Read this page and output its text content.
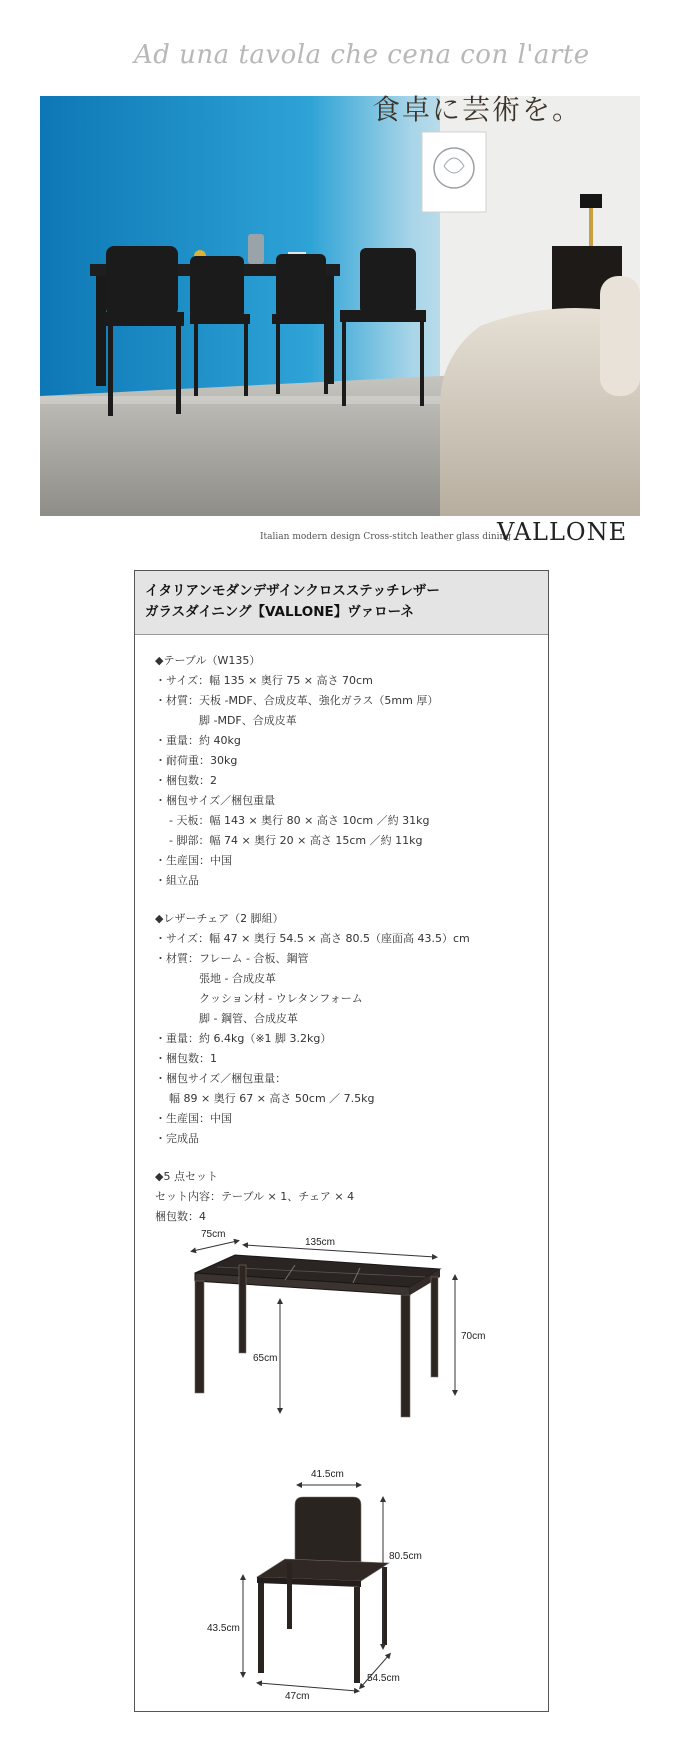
Ad una tavola che cena con l'arte
食卓に芸術を。
Italian modern design Cross-stitch leather glass dining
VALLONE
イタリアンモダンデザインクロスステッチレザー
ガラスダイニング【VALLONE】ヴァローネ
◆テーブル（W135）
・サイズ：幅 135 × 奥行 75 × 高さ 70cm
・材質：天板 -MDF、合成皮革、強化ガラス（5mm 厚）
脚 -MDF、合成皮革
・重量：約 40kg
・耐荷重：30kg
・梱包数：2
・梱包サイズ／梱包重量
- 天板：幅 143 × 奥行 80 × 高さ 10cm ／約 31kg
- 脚部：幅 74 × 奥行 20 × 高さ 15cm ／約 11kg
・生産国：中国
・組立品
◆レザーチェア（2 脚組）
・サイズ：幅 47 × 奥行 54.5 × 高さ 80.5（座面高 43.5）cm
・材質：フレーム - 合板、鋼管
張地 - 合成皮革
クッション材 - ウレタンフォーム
脚 - 鋼管、合成皮革
・重量：約 6.4kg（※1 脚 3.2kg）
・梱包数：1
・梱包サイズ／梱包重量：
幅 89 × 奥行 67 × 高さ 50cm ／ 7.5kg
・生産国：中国
・完成品
◆5 点セット
セット内容：テーブル × 1、チェア × 4
梱包数：4
75cm
135cm
70cm
65cm
41.5cm
80.5cm
43.5cm
47cm
54.5cm
